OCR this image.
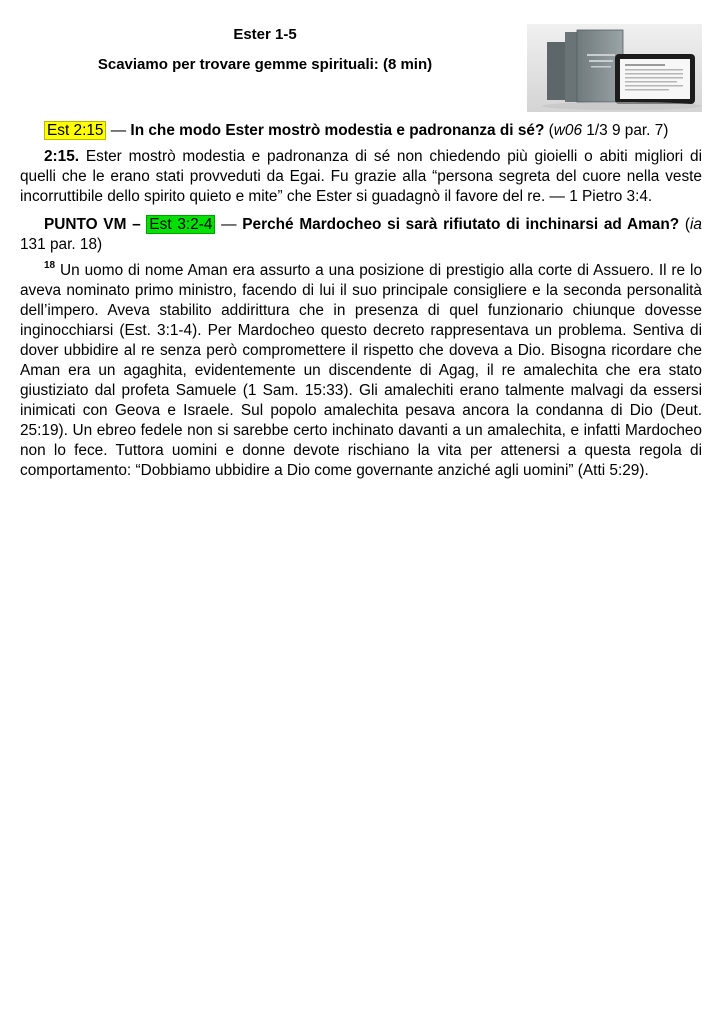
Ester 1-5
Scaviamo per trovare gemme spirituali: (8 min)

Est 2:15 — In che modo Ester mostrò modestia e padronanza di sé? (w06 1/3 9 par. 7)

2:15. Ester mostrò modestia e padronanza di sé non chiedendo più gioielli o abiti migliori di quelli che le erano stati provveduti da Egai. Fu grazie alla “persona segreta del cuore nella veste incorruttibile dello spirito quieto e mite” che Ester si guadagnò il favore del re. — 1 Pietro 3:4.

PUNTO VM – Est 3:2-4 — Perché Mardocheo si sarà rifiutato di inchinarsi ad Aman? (ia 131 par. 18)

$^{18}$ Un uomo di nome Aman era assurto a una posizione di prestigio alla corte di Assuero. Il re lo aveva nominato primo ministro, facendo di lui il suo principale consigliere e la seconda personalità dell’impero. Aveva stabilito addirittura che in presenza di quel funzionario chiunque dovesse inginocchiarsi (Est. 3:1-4). Per Mardocheo questo decreto rappresentava un problema. Sentiva di dover ubbidire al re senza però compromettere il rispetto che doveva a Dio. Bisogna ricordare che Aman era un agaghita, evidentemente un discendente di Agag, il re amalechita che era stato giustiziato dal profeta Samuele (1 Sam. 15:33). Gli amalechiti erano talmente malvagi da essersi inimicati con Geova e Israele. Sul popolo amalechita pesava ancora la condanna di Dio (Deut. 25:19). Un ebreo fedele non si sarebbe certo inchinato davanti a un amalechita, e infatti Mardocheo non lo fece. Tuttora uomini e donne devote rischiano la vita per attenersi a questa regola di comportamento: “Dobbiamo ubbidire a Dio come governante anziché agli uomini” (Atti 5:29).
